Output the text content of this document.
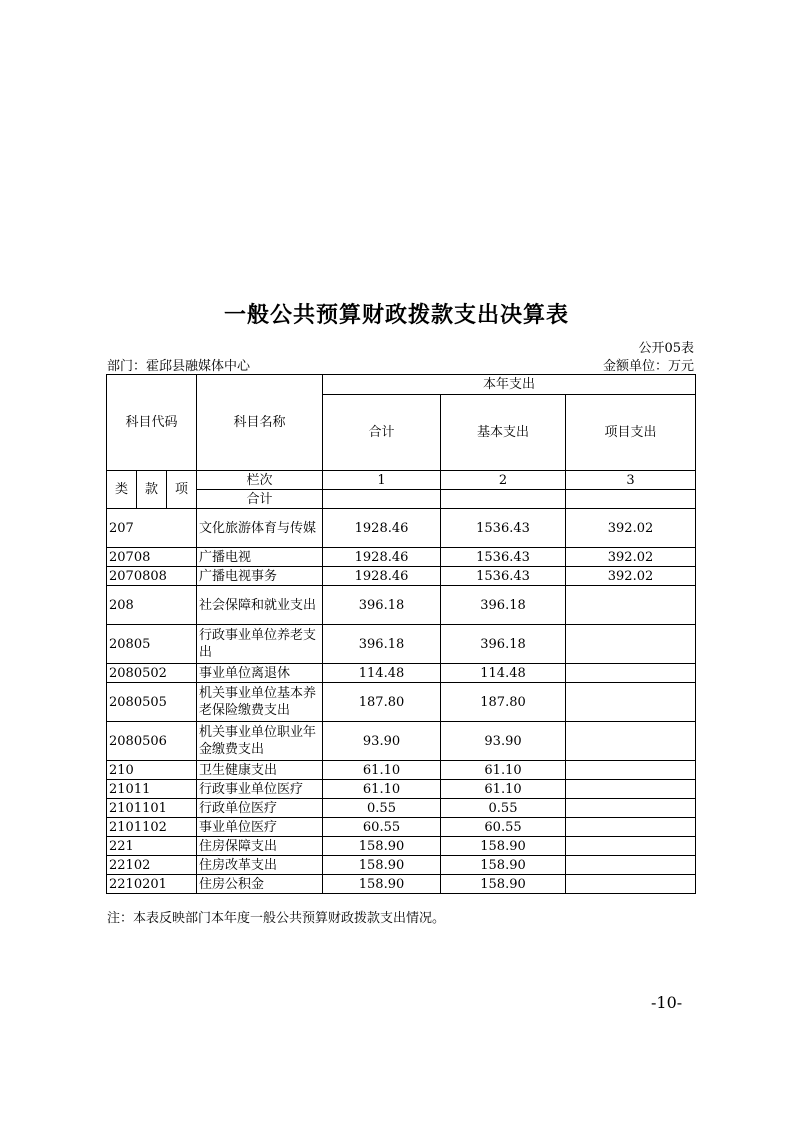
一般公共预算财政拨款支出决算表
公开05表
部门：霍邱县融媒体中心	金额单位：万元
科目代码			科目名称	本年支出		
				合计	基本支出	项目支出

类	款	项	栏次	1	2	3
			合计			
207			文化旅游体育与传媒	1928.46	1536.43	392.02
20708			广播电视	1928.46	1536.43	392.02
2070808			广播电视事务	1928.46	1536.43	392.02
208			社会保障和就业支出	396.18	396.18	
20805			行政事业单位养老支出	396.18	396.18	
2080502			事业单位离退休	114.48	114.48	
2080505			机关事业单位基本养老保险缴费支出	187.80	187.80	
2080506			机关事业单位职业年金缴费支出	93.90	93.90	
210			卫生健康支出	61.10	61.10	
21011			行政事业单位医疗	61.10	61.10	
2101101			行政单位医疗	0.55	0.55	
2101102			事业单位医疗	60.55	60.55	
221			住房保障支出	158.90	158.90	
22102			住房改革支出	158.90	158.90	
2210201			住房公积金	158.90	158.90	
注：本表反映部门本年度一般公共预算财政拨款支出情况。
-10-
